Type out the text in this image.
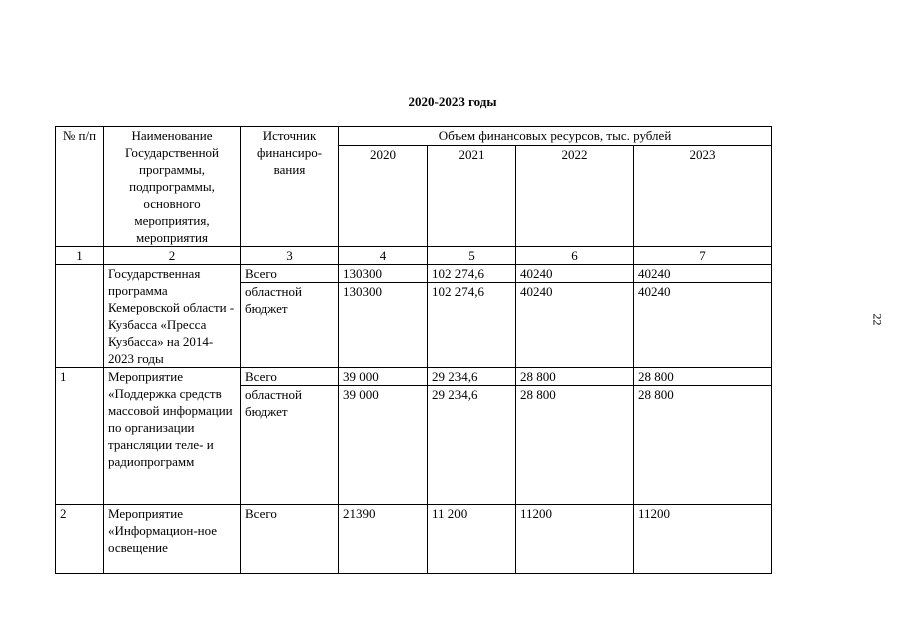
2020-2023 годы
22
№ п/п	Наименование Государственной программы, подпрограммы, основного мероприятия, мероприятия	Источник финансиро-вания	Объем финансовых ресурсов, тыс. рублей			
			2020	2021	2022	2023
1	2	3	4	5	6	7
	Государственная программа Кемеровской области - Кузбасса «Пресса Кузбасса» на 2014-2023 годы	Всего	130300	102 274,6	40240	40240
		областной бюджет	130300	102 274,6	40240	40240
1	Мероприятие «Поддержка средств массовой информации по организации трансляции теле- и радиопрограмм	Всего	39 000	29 234,6	28 800	28 800
		областной бюджет	39 000	29 234,6	28 800	28 800
2	Мероприятие «Информацион-ное освещение	Всего	21390	11 200	11200	11200
